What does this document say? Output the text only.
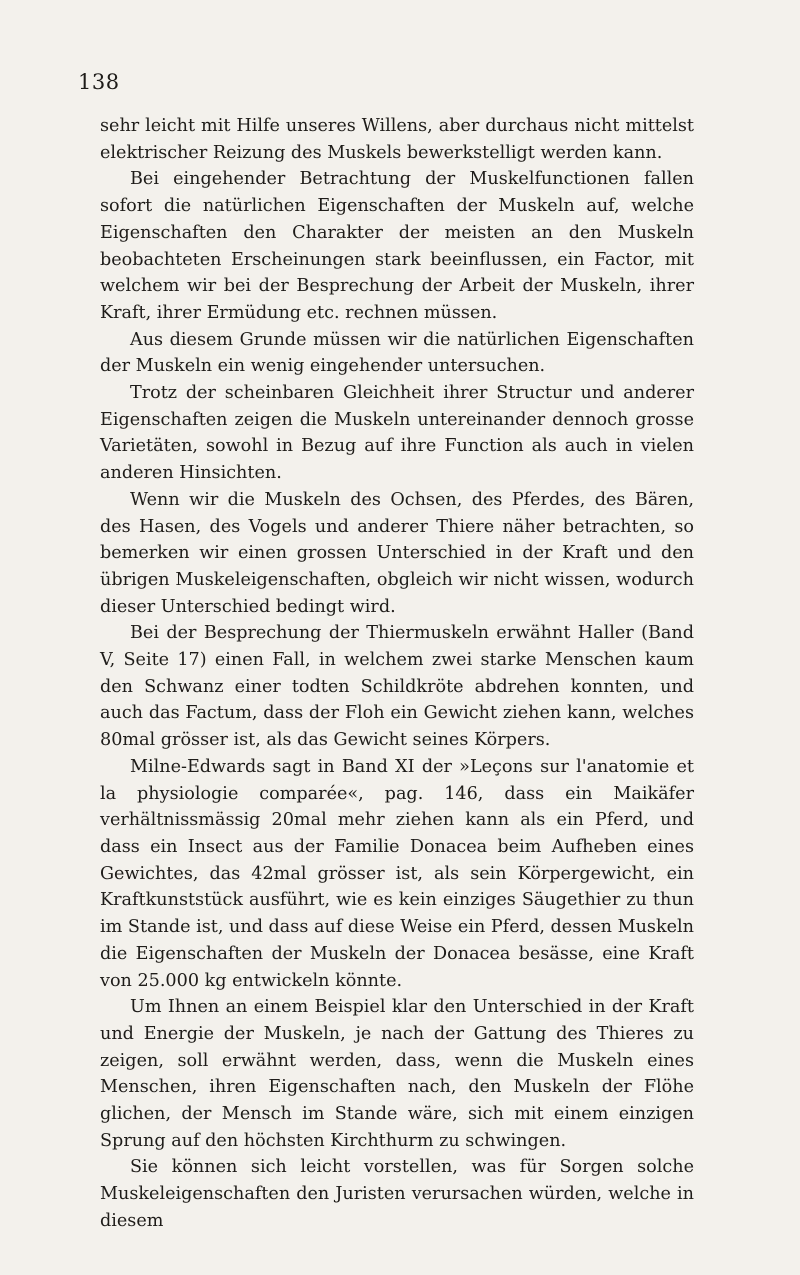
138

sehr leicht mit Hilfe unseres Willens, aber durchaus nicht mittelst elektrischer Reizung des Muskels bewerkstelligt werden kann.

Bei eingehender Betrachtung der Muskelfunctionen fallen sofort die natürlichen Eigenschaften der Muskeln auf, welche Eigenschaften den Charakter der meisten an den Muskeln beobachteten Erscheinungen stark beeinflussen, ein Factor, mit welchem wir bei der Besprechung der Arbeit der Muskeln, ihrer Kraft, ihrer Ermüdung etc. rechnen müssen.

Aus diesem Grunde müssen wir die natürlichen Eigenschaften der Muskeln ein wenig eingehender untersuchen.

Trotz der scheinbaren Gleichheit ihrer Structur und anderer Eigenschaften zeigen die Muskeln untereinander dennoch grosse Varietäten, sowohl in Bezug auf ihre Function als auch in vielen anderen Hinsichten.

Wenn wir die Muskeln des Ochsen, des Pferdes, des Bären, des Hasen, des Vogels und anderer Thiere näher betrachten, so bemerken wir einen grossen Unterschied in der Kraft und den übrigen Muskeleigenschaften, obgleich wir nicht wissen, wodurch dieser Unterschied bedingt wird.

Bei der Besprechung der Thiermuskeln erwähnt Haller (Band V, Seite 17) einen Fall, in welchem zwei starke Menschen kaum den Schwanz einer todten Schildkröte abdrehen konnten, und auch das Factum, dass der Floh ein Gewicht ziehen kann, welches 80mal grösser ist, als das Gewicht seines Körpers.

Milne-Edwards sagt in Band XI der »Leçons sur l'anatomie et la physiologie comparée«, pag. 146, dass ein Maikäfer verhältnissmässig 20mal mehr ziehen kann als ein Pferd, und dass ein Insect aus der Familie Donacea beim Aufheben eines Gewichtes, das 42mal grösser ist, als sein Körpergewicht, ein Kraftkunststück ausführt, wie es kein einziges Säugethier zu thun im Stande ist, und dass auf diese Weise ein Pferd, dessen Muskeln die Eigenschaften der Muskeln der Donacea besässe, eine Kraft von 25.000 kg entwickeln könnte.

Um Ihnen an einem Beispiel klar den Unterschied in der Kraft und Energie der Muskeln, je nach der Gattung des Thieres zu zeigen, soll erwähnt werden, dass, wenn die Muskeln eines Menschen, ihren Eigenschaften nach, den Muskeln der Flöhe glichen, der Mensch im Stande wäre, sich mit einem einzigen Sprung auf den höchsten Kirchthurm zu schwingen.

Sie können sich leicht vorstellen, was für Sorgen solche Muskeleigenschaften den Juristen verursachen würden, welche in diesem
